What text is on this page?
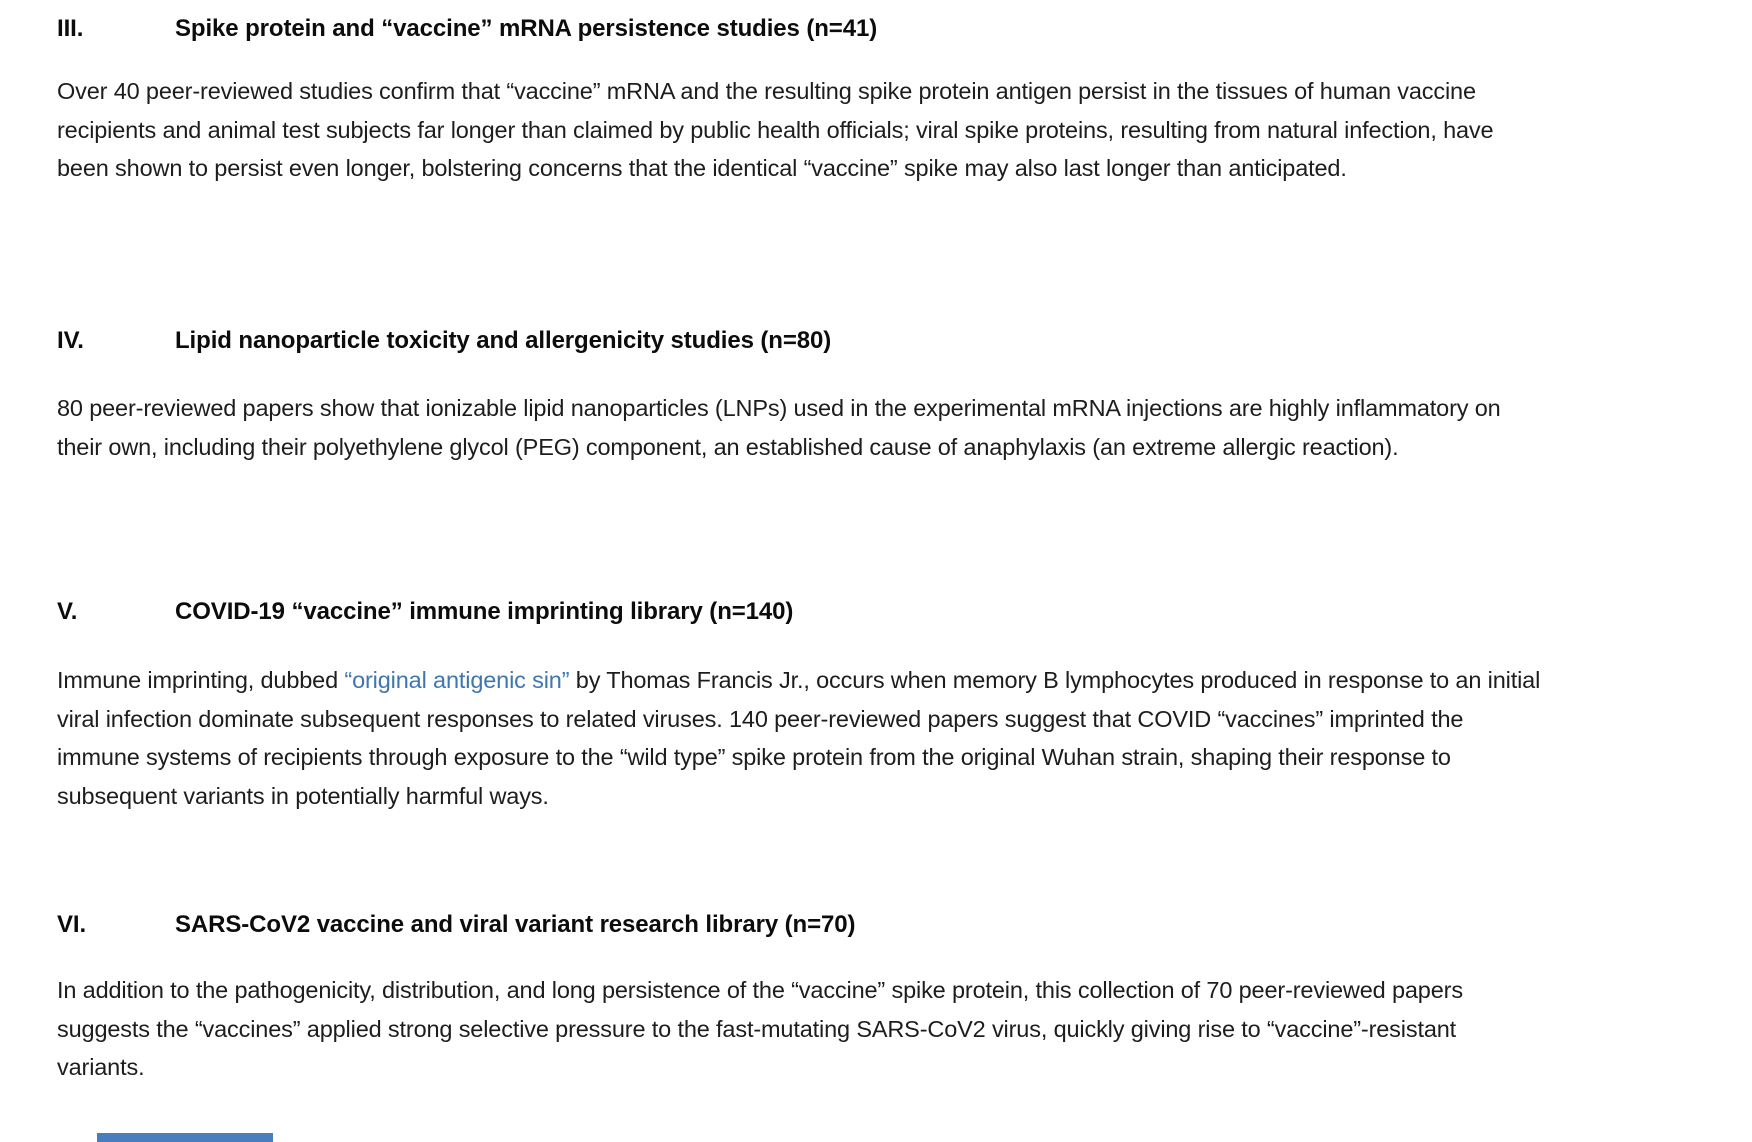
III.	Spike protein and “vaccine” mRNA persistence studies (n=41)
Over 40 peer-reviewed studies confirm that “vaccine” mRNA and the resulting spike protein antigen persist in the tissues of human vaccine recipients and animal test subjects far longer than claimed by public health officials; viral spike proteins, resulting from natural infection, have been shown to persist even longer, bolstering concerns that the identical “vaccine” spike may also last longer than anticipated.
IV.	Lipid nanoparticle toxicity and allergenicity studies (n=80)
80 peer-reviewed papers show that ionizable lipid nanoparticles (LNPs) used in the experimental mRNA injections are highly inflammatory on their own, including their polyethylene glycol (PEG) component, an established cause of anaphylaxis (an extreme allergic reaction).
V.	COVID-19 “vaccine” immune imprinting library (n=140)
Immune imprinting, dubbed “original antigenic sin” by Thomas Francis Jr., occurs when memory B lymphocytes produced in response to an initial viral infection dominate subsequent responses to related viruses. 140 peer-reviewed papers suggest that COVID “vaccines” imprinted the immune systems of recipients through exposure to the “wild type” spike protein from the original Wuhan strain, shaping their response to subsequent variants in potentially harmful ways.
VI.	SARS-CoV2 vaccine and viral variant research library (n=70)
In addition to the pathogenicity, distribution, and long persistence of the “vaccine” spike protein, this collection of 70 peer-reviewed papers suggests the “vaccines” applied strong selective pressure to the fast-mutating SARS-CoV2 virus, quickly giving rise to “vaccine”-resistant variants.
